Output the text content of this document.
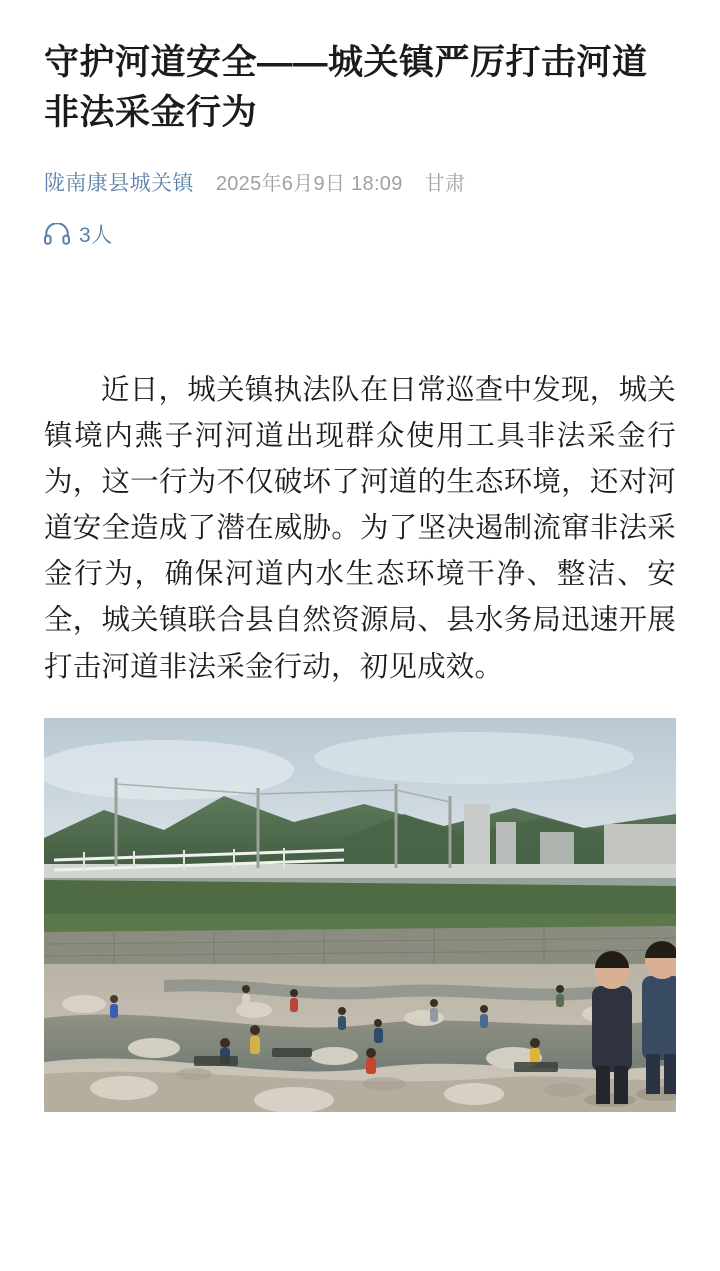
守护河道安全——城关镇严厉打击河道非法采金行为
陇南康县城关镇 2025年6月9日 18:09 甘肃
3人

近日，城关镇执法队在日常巡查中发现，城关镇境内燕子河河道出现群众使用工具非法采金行为，这一行为不仅破坏了河道的生态环境，还对河道安全造成了潜在威胁。为了坚决遏制流窜非法采金行为，确保河道内水生态环境干净、整洁、安全，城关镇联合县自然资源局、县水务局迅速开展打击河道非法采金行动，初见成效。
